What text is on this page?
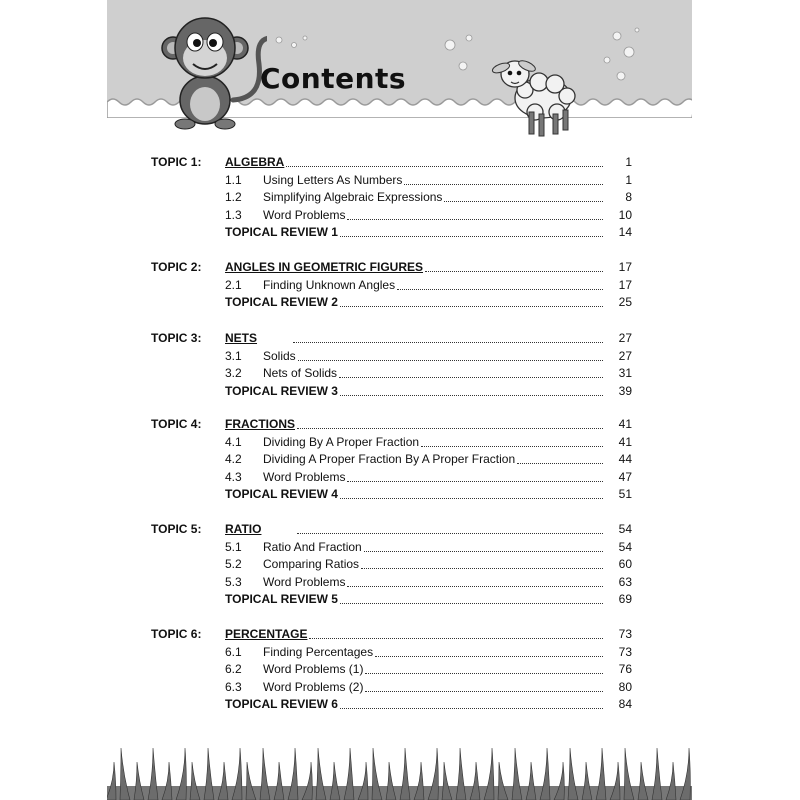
Contents
TOPIC 1:	ALGEBRA	1
1.1	Using Letters As Numbers	1
1.2	Simplifying Algebraic Expressions	8
1.3	Word Problems	10
TOPICAL REVIEW 1	14
TOPIC 2:	ANGLES IN GEOMETRIC FIGURES	17
2.1	Finding Unknown Angles	17
TOPICAL REVIEW 2	25
TOPIC 3:	NETS	27
3.1	Solids	27
3.2	Nets of Solids	31
TOPICAL REVIEW 3	39
TOPIC 4:	FRACTIONS	41
4.1	Dividing By A Proper Fraction	41
4.2	Dividing A Proper Fraction By A Proper Fraction	44
4.3	Word Problems	47
TOPICAL REVIEW 4	51
TOPIC 5:	RATIO	54
5.1	Ratio And Fraction	54
5.2	Comparing Ratios	60
5.3	Word Problems	63
TOPICAL REVIEW 5	69
TOPIC 6:	PERCENTAGE	73
6.1	Finding Percentages	73
6.2	Word Problems (1)	76
6.3	Word Problems (2)	80
TOPICAL REVIEW 6	84
